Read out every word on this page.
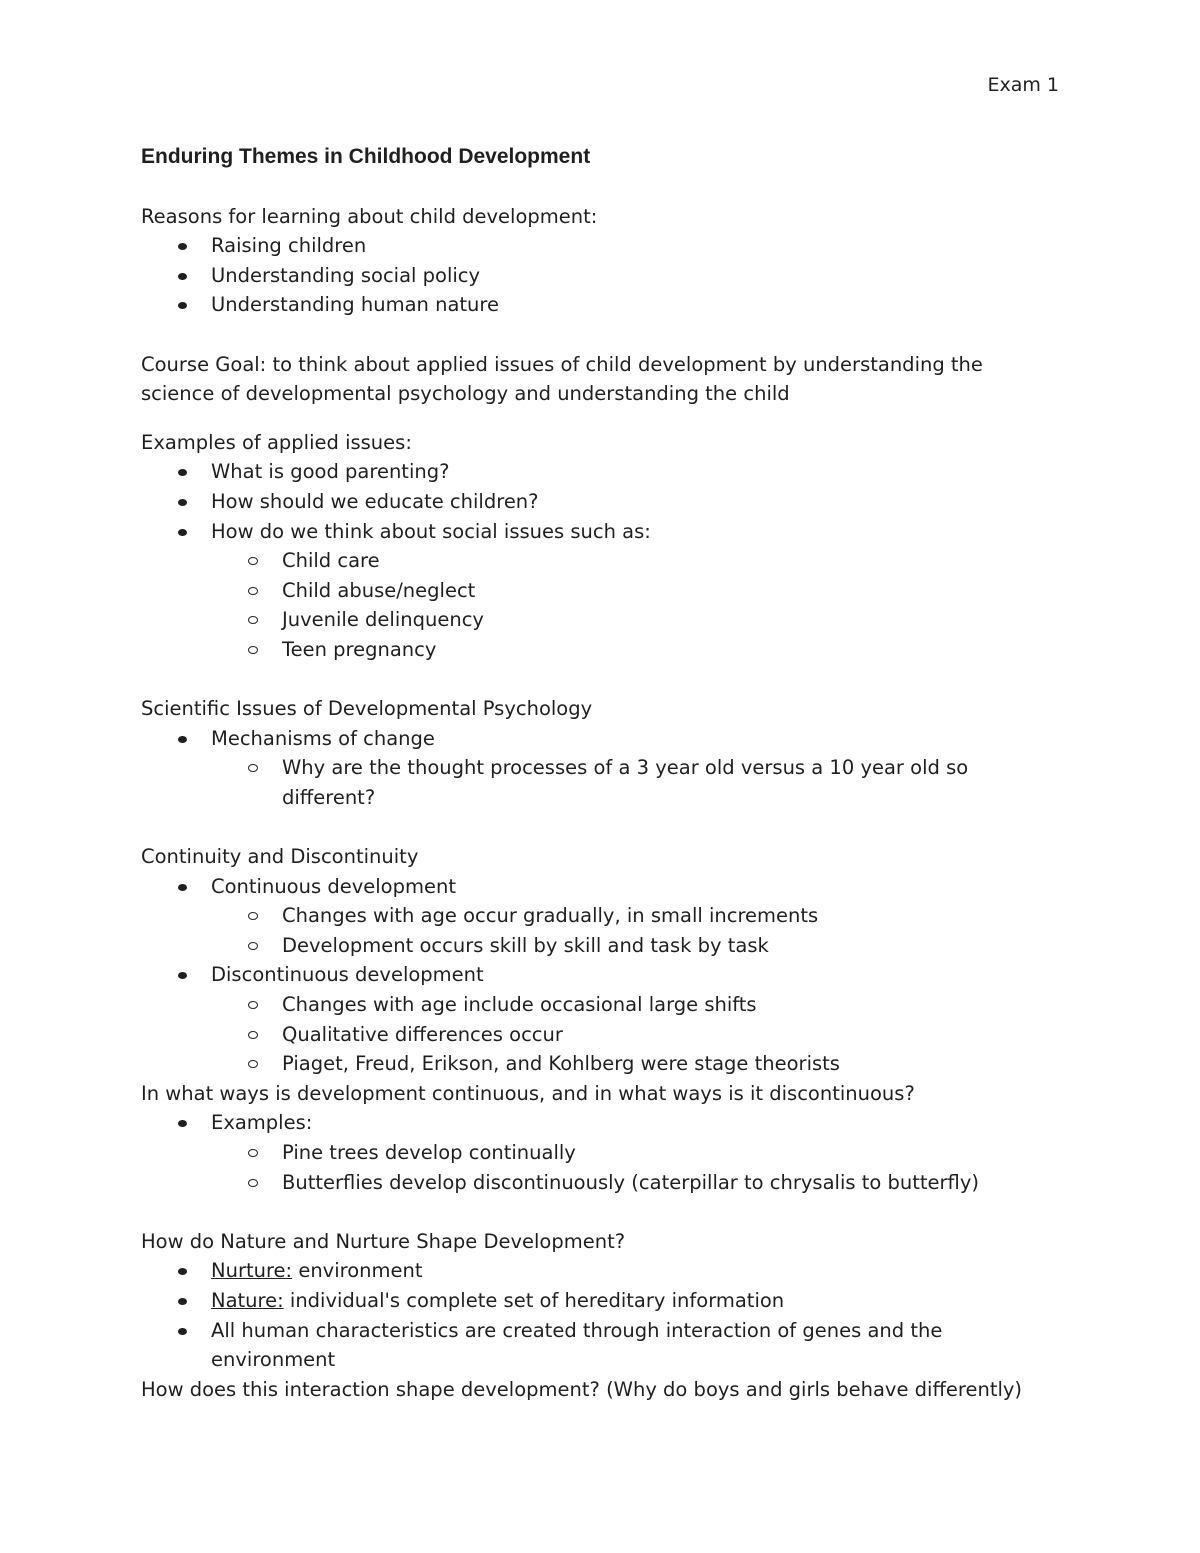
Exam 1

Enduring Themes in Childhood Development

Reasons for learning about child development:

Raising children
Understanding social policy
Understanding human nature

Course Goal: to think about applied issues of child development by understanding the science of developmental psychology and understanding the child

Examples of applied issues:

What is good parenting?
How should we educate children?
How do we think about social issues such as:
Child care
Child abuse/neglect
Juvenile delinquency
Teen pregnancy

Scientific Issues of Developmental Psychology

Mechanisms of change
Why are the thought processes of a 3 year old versus a 10 year old so different?

Continuity and Discontinuity

Continuous development
Changes with age occur gradually, in small increments
Development occurs skill by skill and task by task
Discontinuous development
Changes with age include occasional large shifts
Qualitative differences occur
Piaget, Freud, Erikson, and Kohlberg were stage theorists

In what ways is development continuous, and in what ways is it discontinuous?

Examples:
Pine trees develop continually
Butterflies develop discontinuously (caterpillar to chrysalis to butterfly)

How do Nature and Nurture Shape Development?

Nurture: environment
Nature: individual's complete set of hereditary information
All human characteristics are created through interaction of genes and the environment

How does this interaction shape development? (Why do boys and girls behave differently)
